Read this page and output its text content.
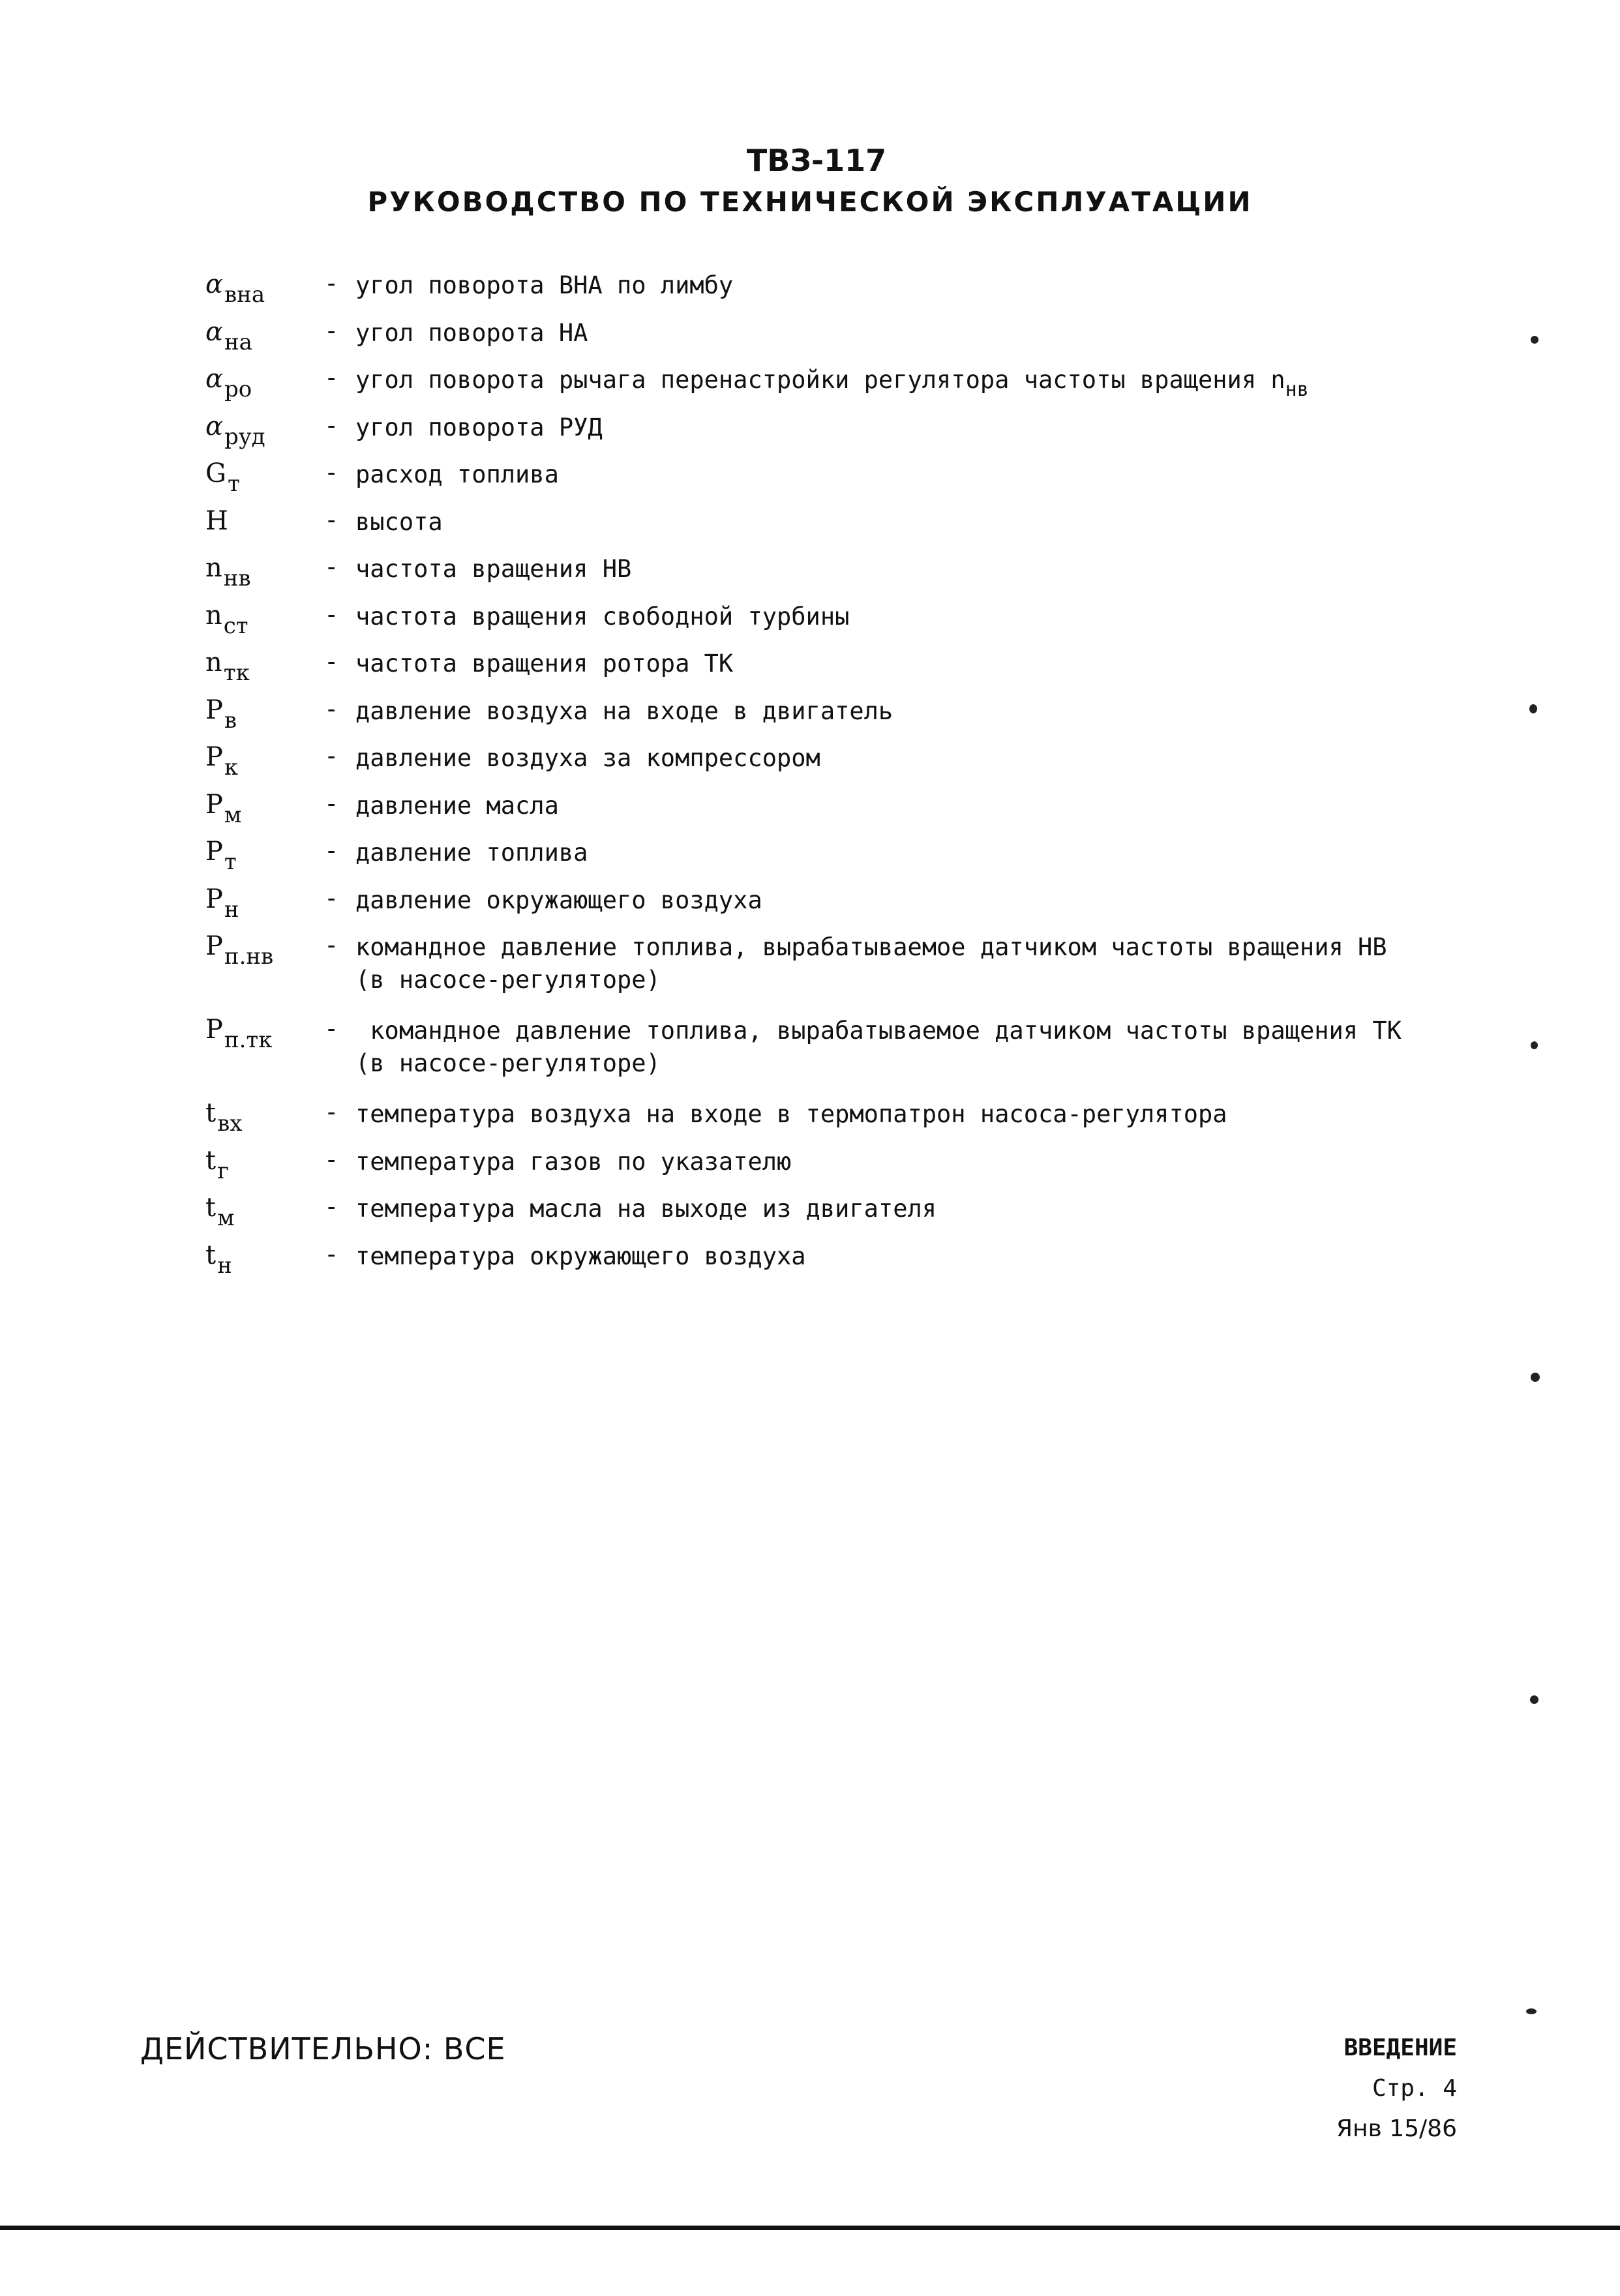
ТВЗ-117
РУКОВОДСТВО ПО ТЕХНИЧЕСКОЙ ЭКСПЛУАТАЦИИ
$\alpha_{вна}$ - угол поворота ВНА по лимбу
$\alpha_{на}$	- угол поворота НА
$\alpha_{ро}$	- угол поворота рычага перенастройки регулятора частоты вращения $n_{нв}$
$\alpha_{руд}$ - угол поворота РУД
$G_т$	- расход топлива
H	- высота
$n_{нв}$	- частота вращения НВ
$n_{ст}$	- частота вращения свободной турбины
$n_{тк}$	- частота вращения ротора ТК
$P_в$	- давление воздуха на входе в двигатель
$P_к$	- давление воздуха за компрессором
$P_м$	- давление масла
$P_т$	- давление топлива
$P_н$	- давление окружающего воздуха
$P_{п.нв}$ - командное давление топлива, вырабатываемое датчиком частоты вращения НВ
(в насосе-регуляторе)
$P_{п.тк}$ -	командное давление топлива, вырабатываемое датчиком частоты вращения ТК
(в насосе-регуляторе)
$t_{вх}$	- температура воздуха на входе в термопатрон насоса-регулятора
$t_г$	- температура газов по указателю
$t_м$	- температура масла на выходе из двигателя
$t_н$	- температура окружающего воздуха
ДЕЙСТВИТЕЛЬНО: ВСЕ	ВВЕДЕНИЕ
Стр. 4
Янв 15/86
